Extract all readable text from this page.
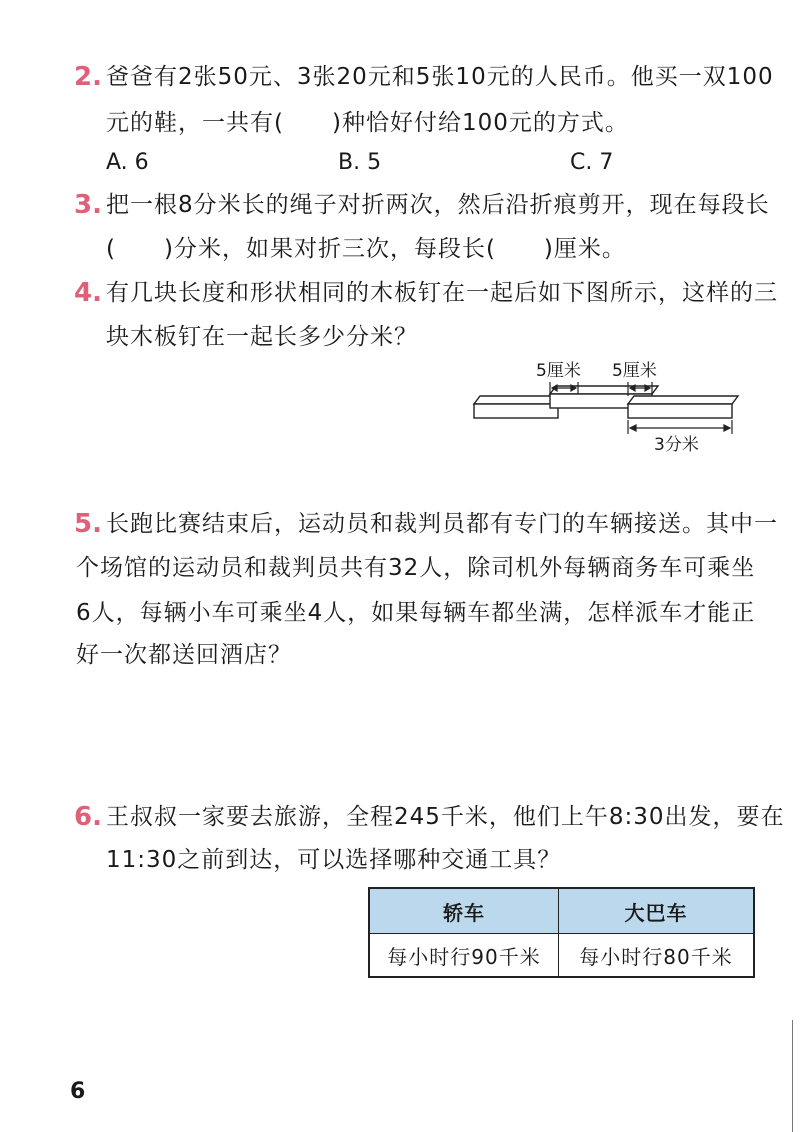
2. 爸爸有2张50元、3张20元和5张10元的人民币。他买一双100
元的鞋，一共有(　　)种恰好付给100元的方式。
A. 6	B. 5	C. 7
3. 把一根8分米长的绳子对折两次，然后沿折痕剪开，现在每段长
(　　)分米，如果对折三次，每段长(　　)厘米。
4. 有几块长度和形状相同的木板钉在一起后如下图所示，这样的三
块木板钉在一起长多少分米？
5厘米 5厘米
3分米
5. 长跑比赛结束后，运动员和裁判员都有专门的车辆接送。其中一
个场馆的运动员和裁判员共有32人，除司机外每辆商务车可乘坐
6人，每辆小车可乘坐4人，如果每辆车都坐满，怎样派车才能正
好一次都送回酒店？
6. 王叔叔一家要去旅游，全程245千米，他们上午8:30出发，要在
11:30之前到达，可以选择哪种交通工具？
轿车	大巴车
每小时行90千米	每小时行80千米
6
